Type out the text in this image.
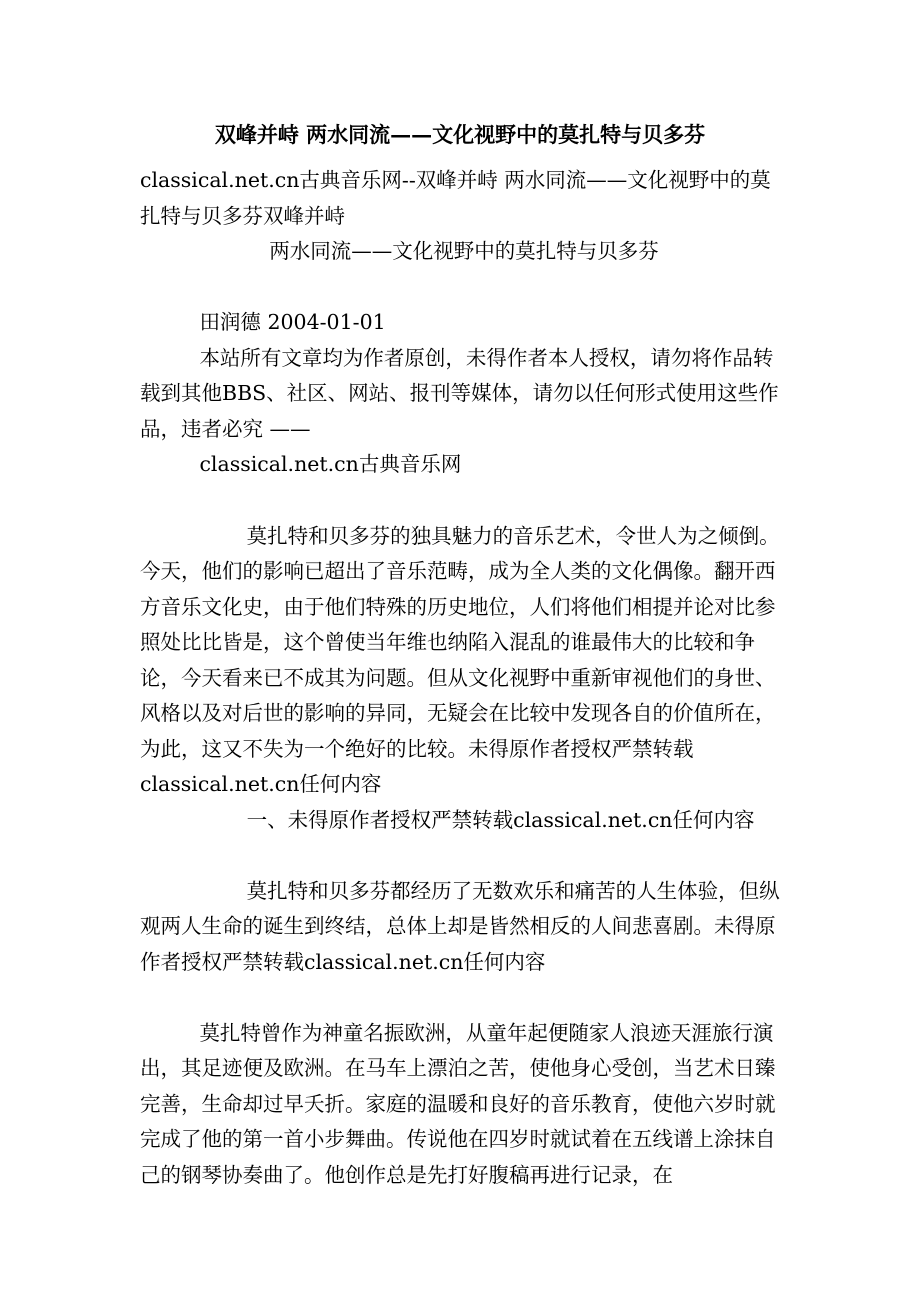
双峰并峙 两水同流——文化视野中的莫扎特与贝多芬

classical.net.cn古典音乐网--双峰并峙 两水同流——文化视野中的莫扎特与贝多芬双峰并峙

两水同流——文化视野中的莫扎特与贝多芬

田润德 2004-01-01

本站所有文章均为作者原创，未得作者本人授权，请勿将作品转载到其他BBS、社区、网站、报刊等媒体，请勿以任何形式使用这些作品，违者必究 ——

classical.net.cn古典音乐网

莫扎特和贝多芬的独具魅力的音乐艺术，令世人为之倾倒。今天，他们的影响已超出了音乐范畴，成为全人类的文化偶像。翻开西方音乐文化史，由于他们特殊的历史地位，人们将他们相提并论对比参照处比比皆是，这个曾使当年维也纳陷入混乱的谁最伟大的比较和争论，今天看来已不成其为问题。但从文化视野中重新审视他们的身世、风格以及对后世的影响的异同，无疑会在比较中发现各自的价值所在，为此，这又不失为一个绝好的比较。未得原作者授权严禁转载classical.net.cn任何内容

一、未得原作者授权严禁转载classical.net.cn任何内容

莫扎特和贝多芬都经历了无数欢乐和痛苦的人生体验，但纵观两人生命的诞生到终结，总体上却是皆然相反的人间悲喜剧。未得原作者授权严禁转载classical.net.cn任何内容

莫扎特曾作为神童名振欧洲，从童年起便随家人浪迹天涯旅行演出，其足迹便及欧洲。在马车上漂泊之苦，使他身心受创，当艺术日臻完善，生命却过早夭折。家庭的温暖和良好的音乐教育，使他六岁时就完成了他的第一首小步舞曲。传说他在四岁时就试着在五线谱上涂抹自己的钢琴协奏曲了。他创作总是先打好腹稿再进行记录，在
